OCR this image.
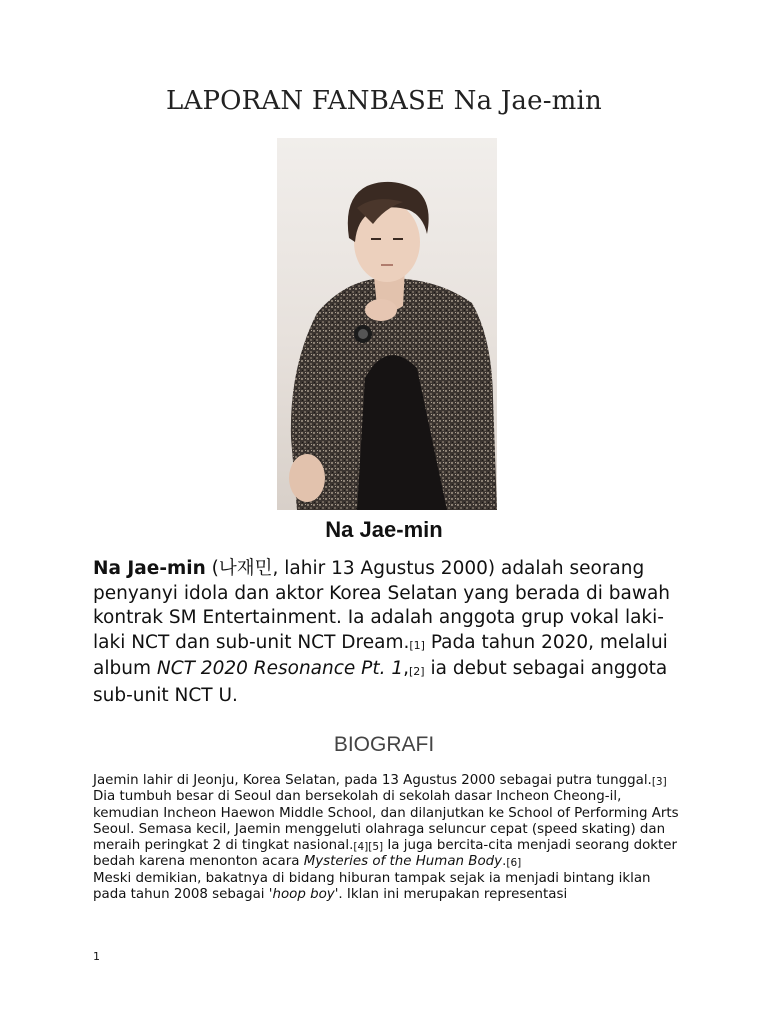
LAPORAN FANBASE Na Jae-min
Na Jae-min

Na Jae-min (나재민, lahir 13 Agustus 2000) adalah seorang penyanyi idola dan aktor Korea Selatan yang berada di bawah kontrak SM Entertainment. Ia adalah anggota grup vokal laki-laki NCT dan sub-unit NCT Dream.[1] Pada tahun 2020, melalui album NCT 2020 Resonance Pt. 1,[2] ia debut sebagai anggota sub-unit NCT U.

BIOGRAFI

Jaemin lahir di Jeonju, Korea Selatan, pada 13 Agustus 2000 sebagai putra tunggal.[3] Dia tumbuh besar di Seoul dan bersekolah di sekolah dasar Incheon Cheong-il, kemudian Incheon Haewon Middle School, dan dilanjutkan ke School of Performing Arts Seoul. Semasa kecil, Jaemin menggeluti olahraga seluncur cepat (speed skating) dan meraih peringkat 2 di tingkat nasional.[4][5] Ia juga bercita-cita menjadi seorang dokter bedah karena menonton acara Mysteries of the Human Body.[6]

Meski demikian, bakatnya di bidang hiburan tampak sejak ia menjadi bintang iklan pada tahun 2008 sebagai 'hoop boy'. Iklan ini merupakan representasi

1
